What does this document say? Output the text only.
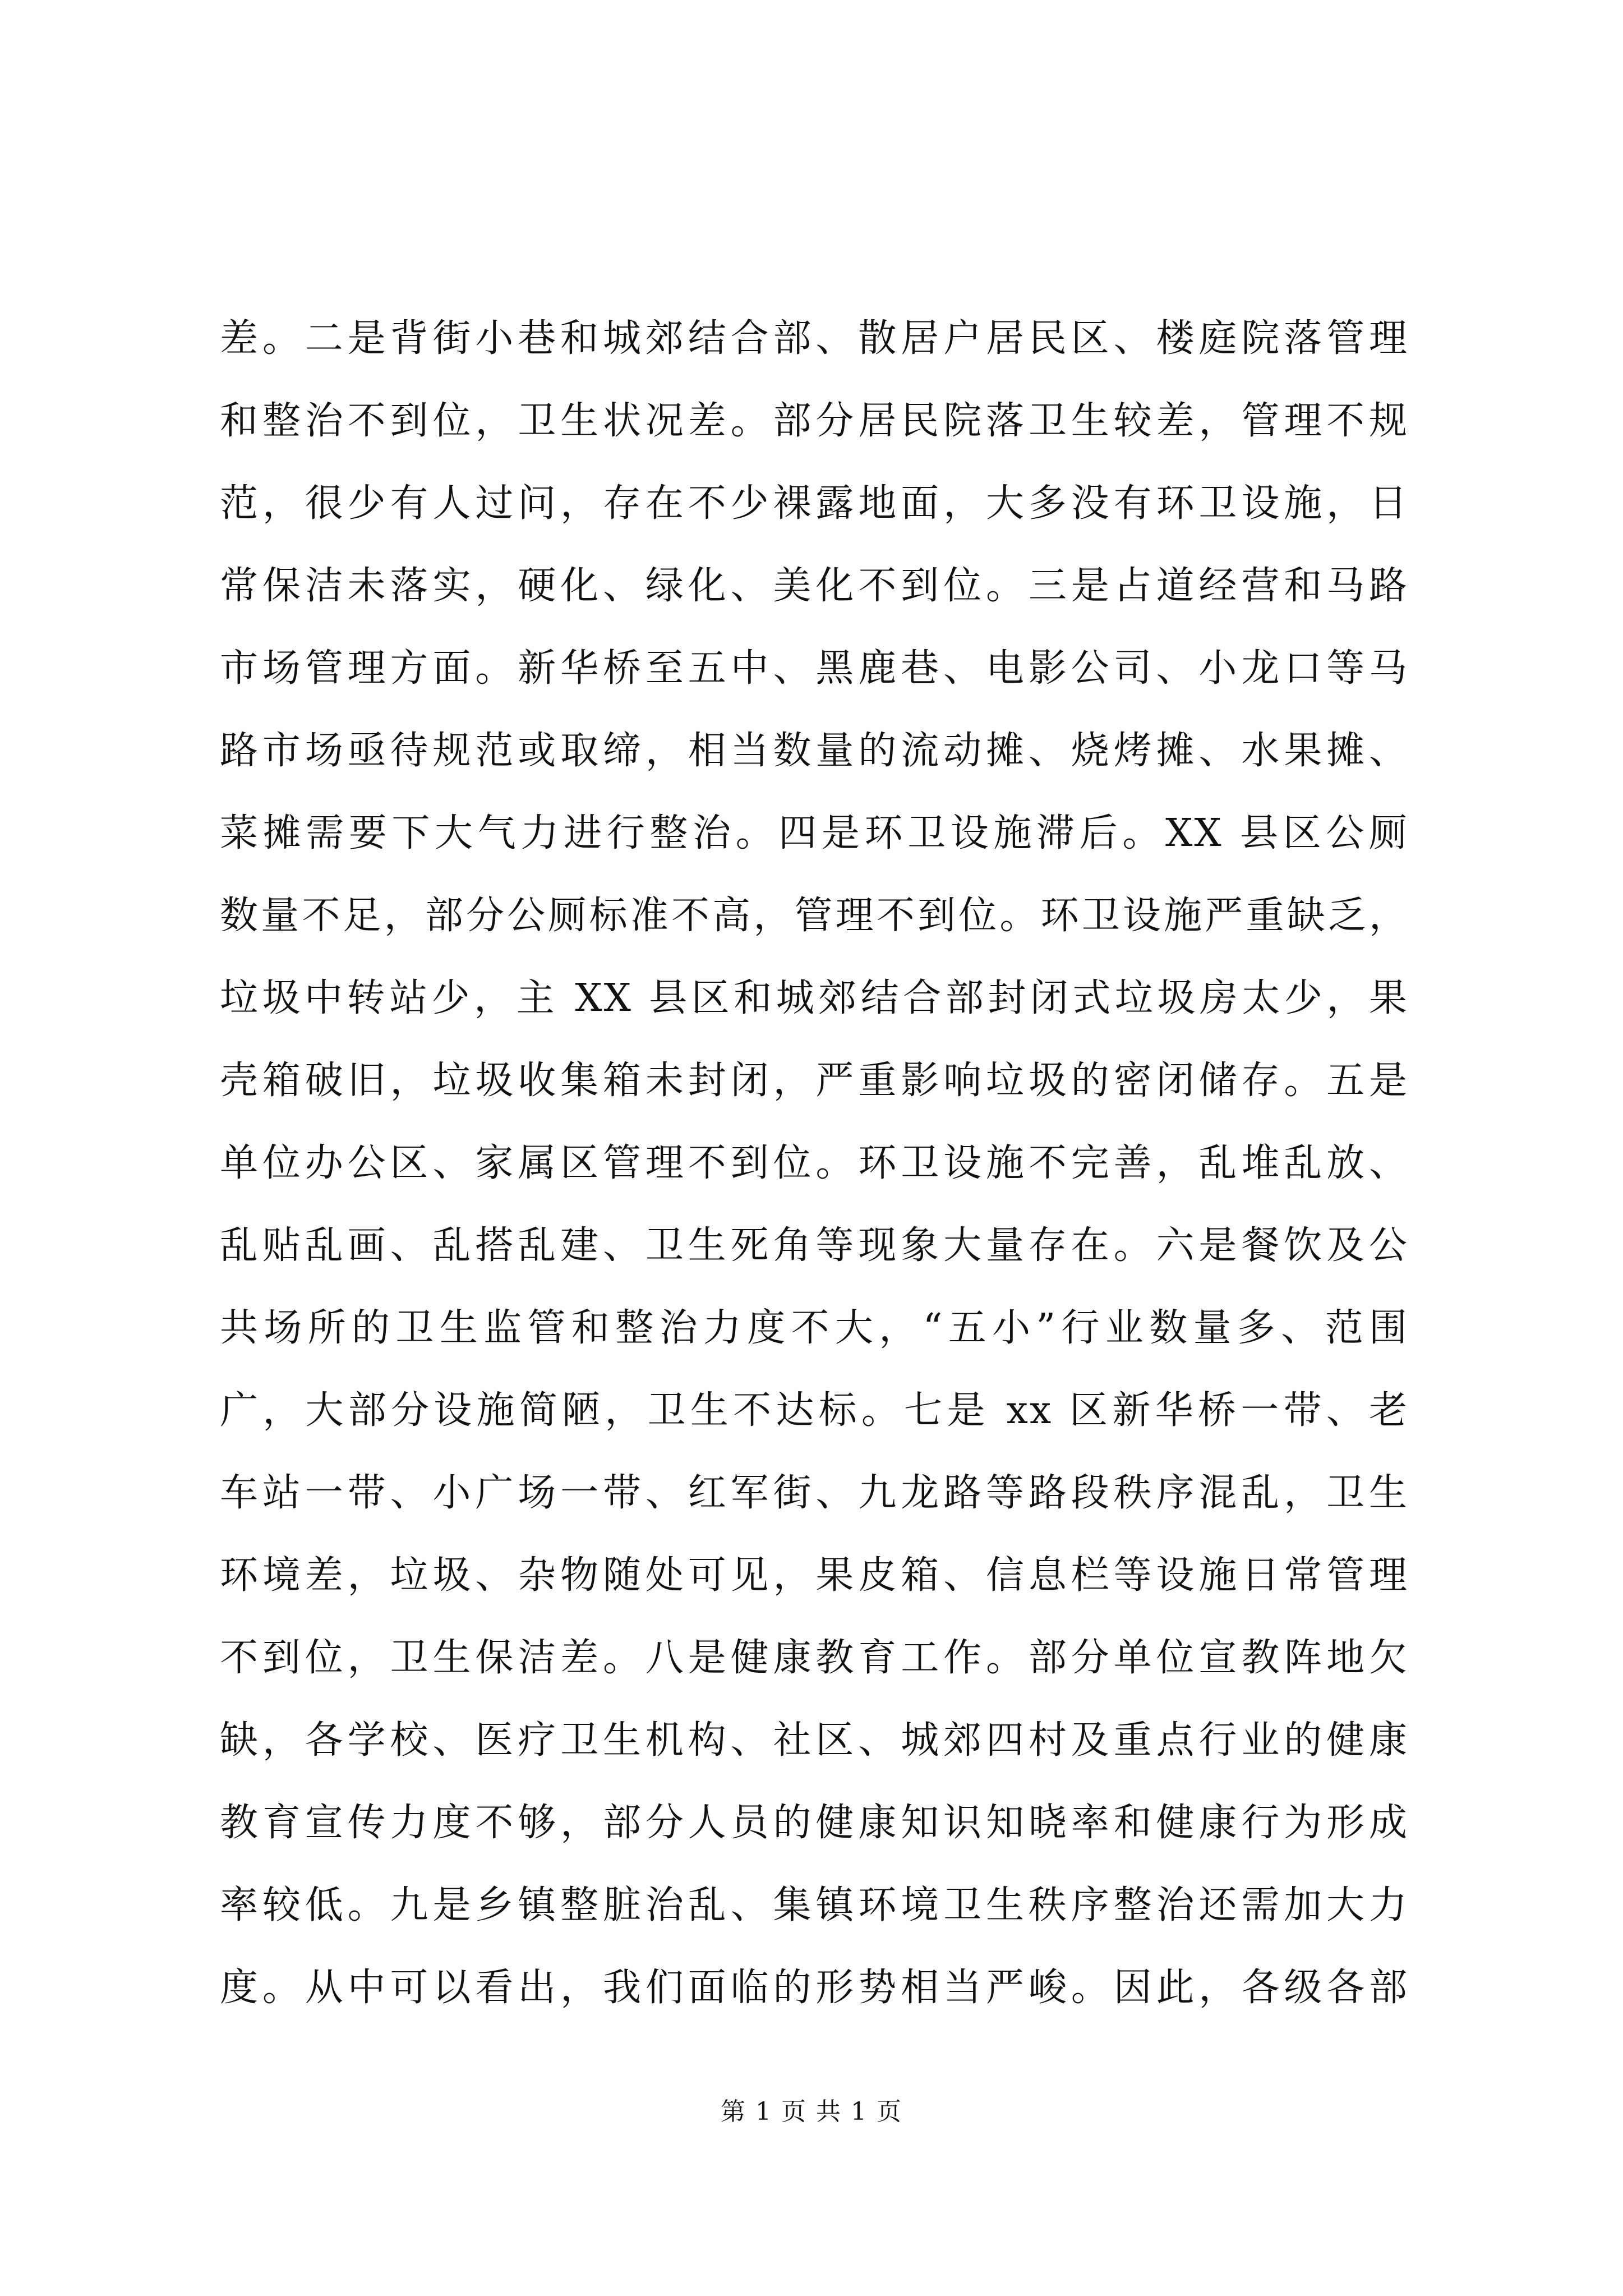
差。二是背街小巷和城郊结合部、散居户居民区、楼庭院落管理
和整治不到位，卫生状况差。部分居民院落卫生较差，管理不规
范，很少有人过问，存在不少裸露地面，大多没有环卫设施，日
常保洁未落实，硬化、绿化、美化不到位。三是占道经营和马路
市场管理方面。新华桥至五中、黑鹿巷、电影公司、小龙口等马
路市场亟待规范或取缔，相当数量的流动摊、烧烤摊、水果摊、
菜摊需要下大气力进行整治。四是环卫设施滞后。XX 县区公厕
数量不足，部分公厕标准不高，管理不到位。环卫设施严重缺乏，
垃圾中转站少，主 XX 县区和城郊结合部封闭式垃圾房太少，果
壳箱破旧，垃圾收集箱未封闭，严重影响垃圾的密闭储存。五是
单位办公区、家属区管理不到位。环卫设施不完善，乱堆乱放、
乱贴乱画、乱搭乱建、卫生死角等现象大量存在。六是餐饮及公
共场所的卫生监管和整治力度不大，“五小”行业数量多、范围
广，大部分设施简陋，卫生不达标。七是 xx 区新华桥一带、老
车站一带、小广场一带、红军街、九龙路等路段秩序混乱，卫生
环境差，垃圾、杂物随处可见，果皮箱、信息栏等设施日常管理
不到位，卫生保洁差。八是健康教育工作。部分单位宣教阵地欠
缺，各学校、医疗卫生机构、社区、城郊四村及重点行业的健康
教育宣传力度不够，部分人员的健康知识知晓率和健康行为形成
率较低。九是乡镇整脏治乱、集镇环境卫生秩序整治还需加大力
度。从中可以看出，我们面临的形势相当严峻。因此，各级各部
第 1 页 共 1 页
